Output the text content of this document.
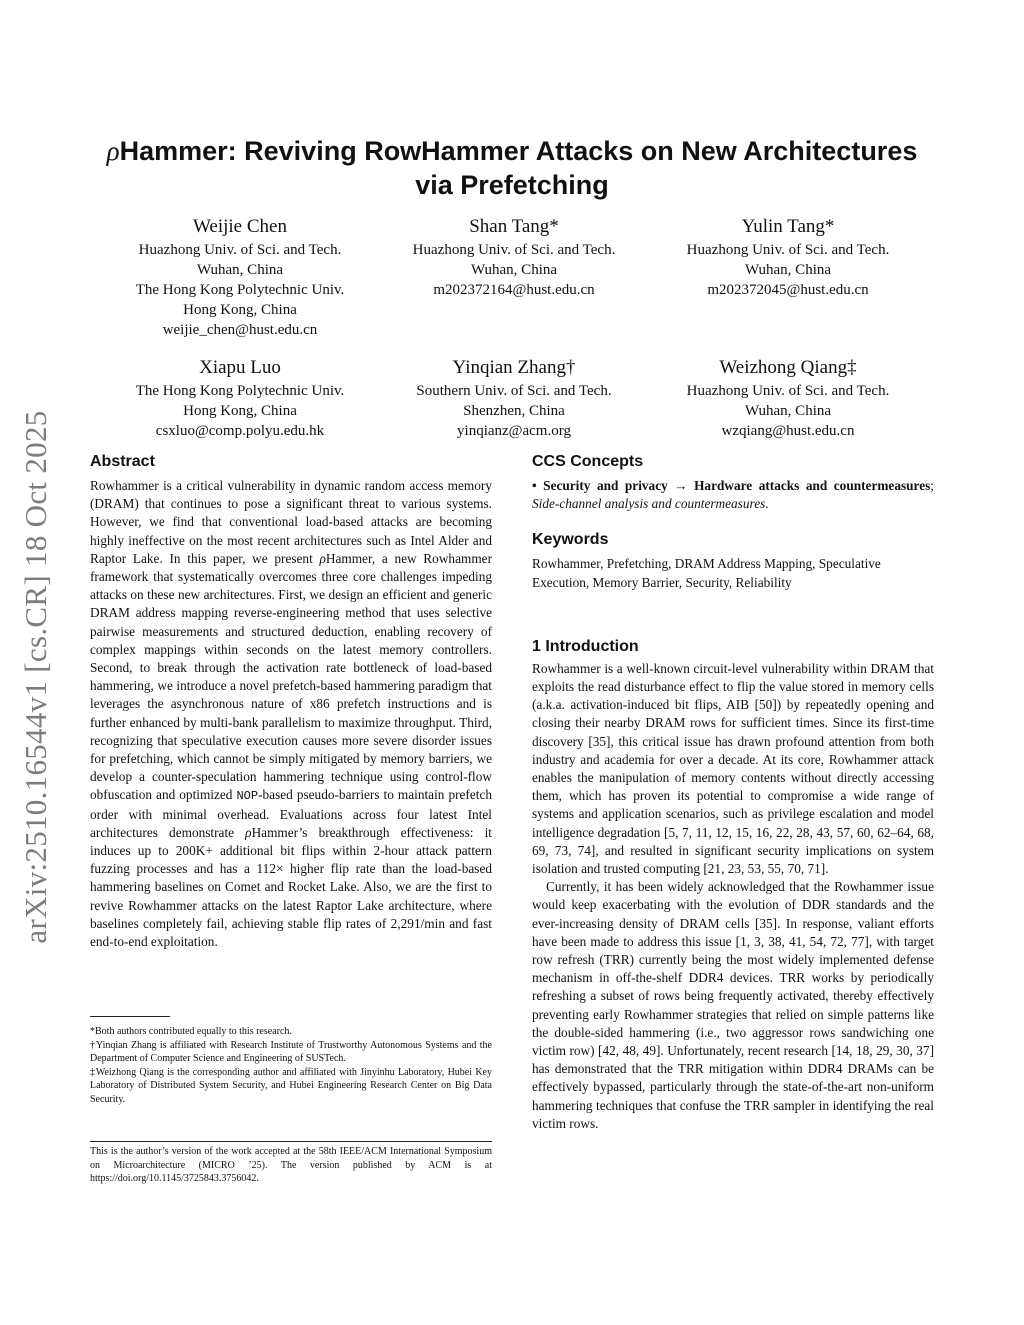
arXiv:2510.16544v1 [cs.CR] 18 Oct 2025
ρHammer: Reviving RowHammer Attacks on New Architectures
via Prefetching
Weijie Chen
Huazhong Univ. of Sci. and Tech.
Wuhan, China
The Hong Kong Polytechnic Univ.
Hong Kong, China
weijie_chen@hust.edu.cn
Shan Tang*
Huazhong Univ. of Sci. and Tech.
Wuhan, China
m202372164@hust.edu.cn
Yulin Tang*
Huazhong Univ. of Sci. and Tech.
Wuhan, China
m202372045@hust.edu.cn
Xiapu Luo
The Hong Kong Polytechnic Univ.
Hong Kong, China
csxluo@comp.polyu.edu.hk
Yinqian Zhang†
Southern Univ. of Sci. and Tech.
Shenzhen, China
yinqianz@acm.org
Weizhong Qiang‡
Huazhong Univ. of Sci. and Tech.
Wuhan, China
wzqiang@hust.edu.cn
Abstract

Rowhammer is a critical vulnerability in dynamic random access memory (DRAM) that continues to pose a significant threat to various systems. However, we find that conventional load-based attacks are becoming highly ineffective on the most recent architectures such as Intel Alder and Raptor Lake. In this paper, we present ρHammer, a new Rowhammer framework that systematically overcomes three core challenges impeding attacks on these new architectures. First, we design an efficient and generic DRAM address mapping reverse-engineering method that uses selective pairwise measurements and structured deduction, enabling recovery of complex mappings within seconds on the latest memory controllers. Second, to break through the activation rate bottleneck of load-based hammering, we introduce a novel prefetch-based hammering paradigm that leverages the asynchronous nature of x86 prefetch instructions and is further enhanced by multi-bank parallelism to maximize throughput. Third, recognizing that speculative execution causes more severe disorder issues for prefetching, which cannot be simply mitigated by memory barriers, we develop a counter-speculation hammering technique using control-flow obfuscation and optimized NOP-based pseudo-barriers to maintain prefetch order with minimal overhead. Evaluations across four latest Intel architectures demonstrate ρHammer’s breakthrough effectiveness: it induces up to 200K+ additional bit flips within 2-hour attack pattern fuzzing processes and has a 112× higher flip rate than the load-based hammering baselines on Comet and Rocket Lake. Also, we are the first to revive Rowhammer attacks on the latest Raptor Lake architecture, where baselines completely fail, achieving stable flip rates of 2,291/min and fast end-to-end exploitation.

*Both authors contributed equally to this research.

†Yinqian Zhang is affiliated with Research Institute of Trustworthy Autonomous Systems and the Department of Computer Science and Engineering of SUSTech.

‡Weizhong Qiang is the corresponding author and affiliated with Jinyinhu Laboratory, Hubei Key Laboratory of Distributed System Security, and Hubei Engineering Research Center on Big Data Security.

This is the author’s version of the work accepted at the 58th IEEE/ACM International Symposium on Microarchitecture (MICRO ’25). The version published by ACM is at https://doi.org/10.1145/3725843.3756042.

CCS Concepts

• Security and privacy → Hardware attacks and countermeasures; Side-channel analysis and countermeasures.

Keywords

Rowhammer, Prefetching, DRAM Address Mapping, Speculative Execution, Memory Barrier, Security, Reliability

1 Introduction

Rowhammer is a well-known circuit-level vulnerability within DRAM that exploits the read disturbance effect to flip the value stored in memory cells (a.k.a. activation-induced bit flips, AIB [50]) by repeatedly opening and closing their nearby DRAM rows for sufficient times. Since its first-time discovery [35], this critical issue has drawn profound attention from both industry and academia for over a decade. At its core, Rowhammer attack enables the manipulation of memory contents without directly accessing them, which has proven its potential to compromise a wide range of systems and application scenarios, such as privilege escalation and model intelligence degradation [5, 7, 11, 12, 15, 16, 22, 28, 43, 57, 60, 62–64, 68, 69, 73, 74], and resulted in significant security implications on system isolation and trusted computing [21, 23, 53, 55, 70, 71].

Currently, it has been widely acknowledged that the Rowhammer issue would keep exacerbating with the evolution of DDR standards and the ever-increasing density of DRAM cells [35]. In response, valiant efforts have been made to address this issue [1, 3, 38, 41, 54, 72, 77], with target row refresh (TRR) currently being the most widely implemented defense mechanism in off-the-shelf DDR4 devices. TRR works by periodically refreshing a subset of rows being frequently activated, thereby effectively preventing early Rowhammer strategies that relied on simple patterns like the double-sided hammering (i.e., two aggressor rows sandwiching one victim row) [42, 48, 49]. Unfortunately, recent research [14, 18, 29, 30, 37] has demonstrated that the TRR mitigation within DDR4 DRAMs can be effectively bypassed, particularly through the state-of-the-art non-uniform hammering techniques that confuse the TRR sampler in identifying the real victim rows.
